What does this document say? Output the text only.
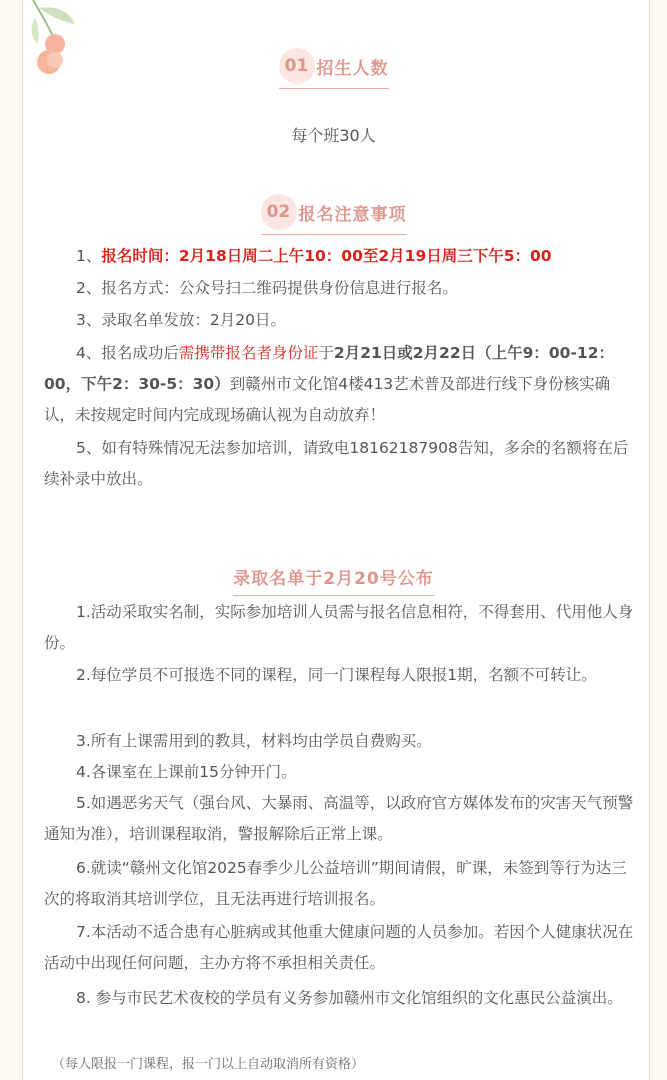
01 招生人数
每个班30人
02 报名注意事项

1、报名时间：2月18日周二上午10：00至2月19日周三下午5：00

2、报名方式：公众号扫二维码提供身份信息进行报名。

3、录取名单发放：2月20日。

4、报名成功后需携带报名者身份证于2月21日或2月22日（上午9：00-12：00，下午2：30-5：30）到赣州市文化馆4楼413艺术普及部进行线下身份核实确认，未按规定时间内完成现场确认视为自动放弃！

5、如有特殊情况无法参加培训，请致电18162187908告知，多余的名额将在后续补录中放出。

录取名单于2月20号公布

1.活动采取实名制，实际参加培训人员需与报名信息相符，不得套用、代用他人身份。

2.每位学员不可报选不同的课程，同一门课程每人限报1期，名额不可转让。

3.所有上课需用到的教具，材料均由学员自费购买。

4.各课室在上课前15分钟开门。

5.如遇恶劣天气（强台风、大暴雨、高温等，以政府官方媒体发布的灾害天气预警通知为准），培训课程取消，警报解除后正常上课。

6.就读“赣州文化馆2025春季少儿公益培训”期间请假，旷课，未签到等行为达三次的将取消其培训学位，且无法再进行培训报名。

7.本活动不适合患有心脏病或其他重大健康问题的人员参加。若因个人健康状况在活动中出现任何问题，主办方将不承担相关责任。

8. 参与市民艺术夜校的学员有义务参加赣州市文化馆组织的文化惠民公益演出。

（每人限报一门课程，报一门以上自动取消所有资格）
